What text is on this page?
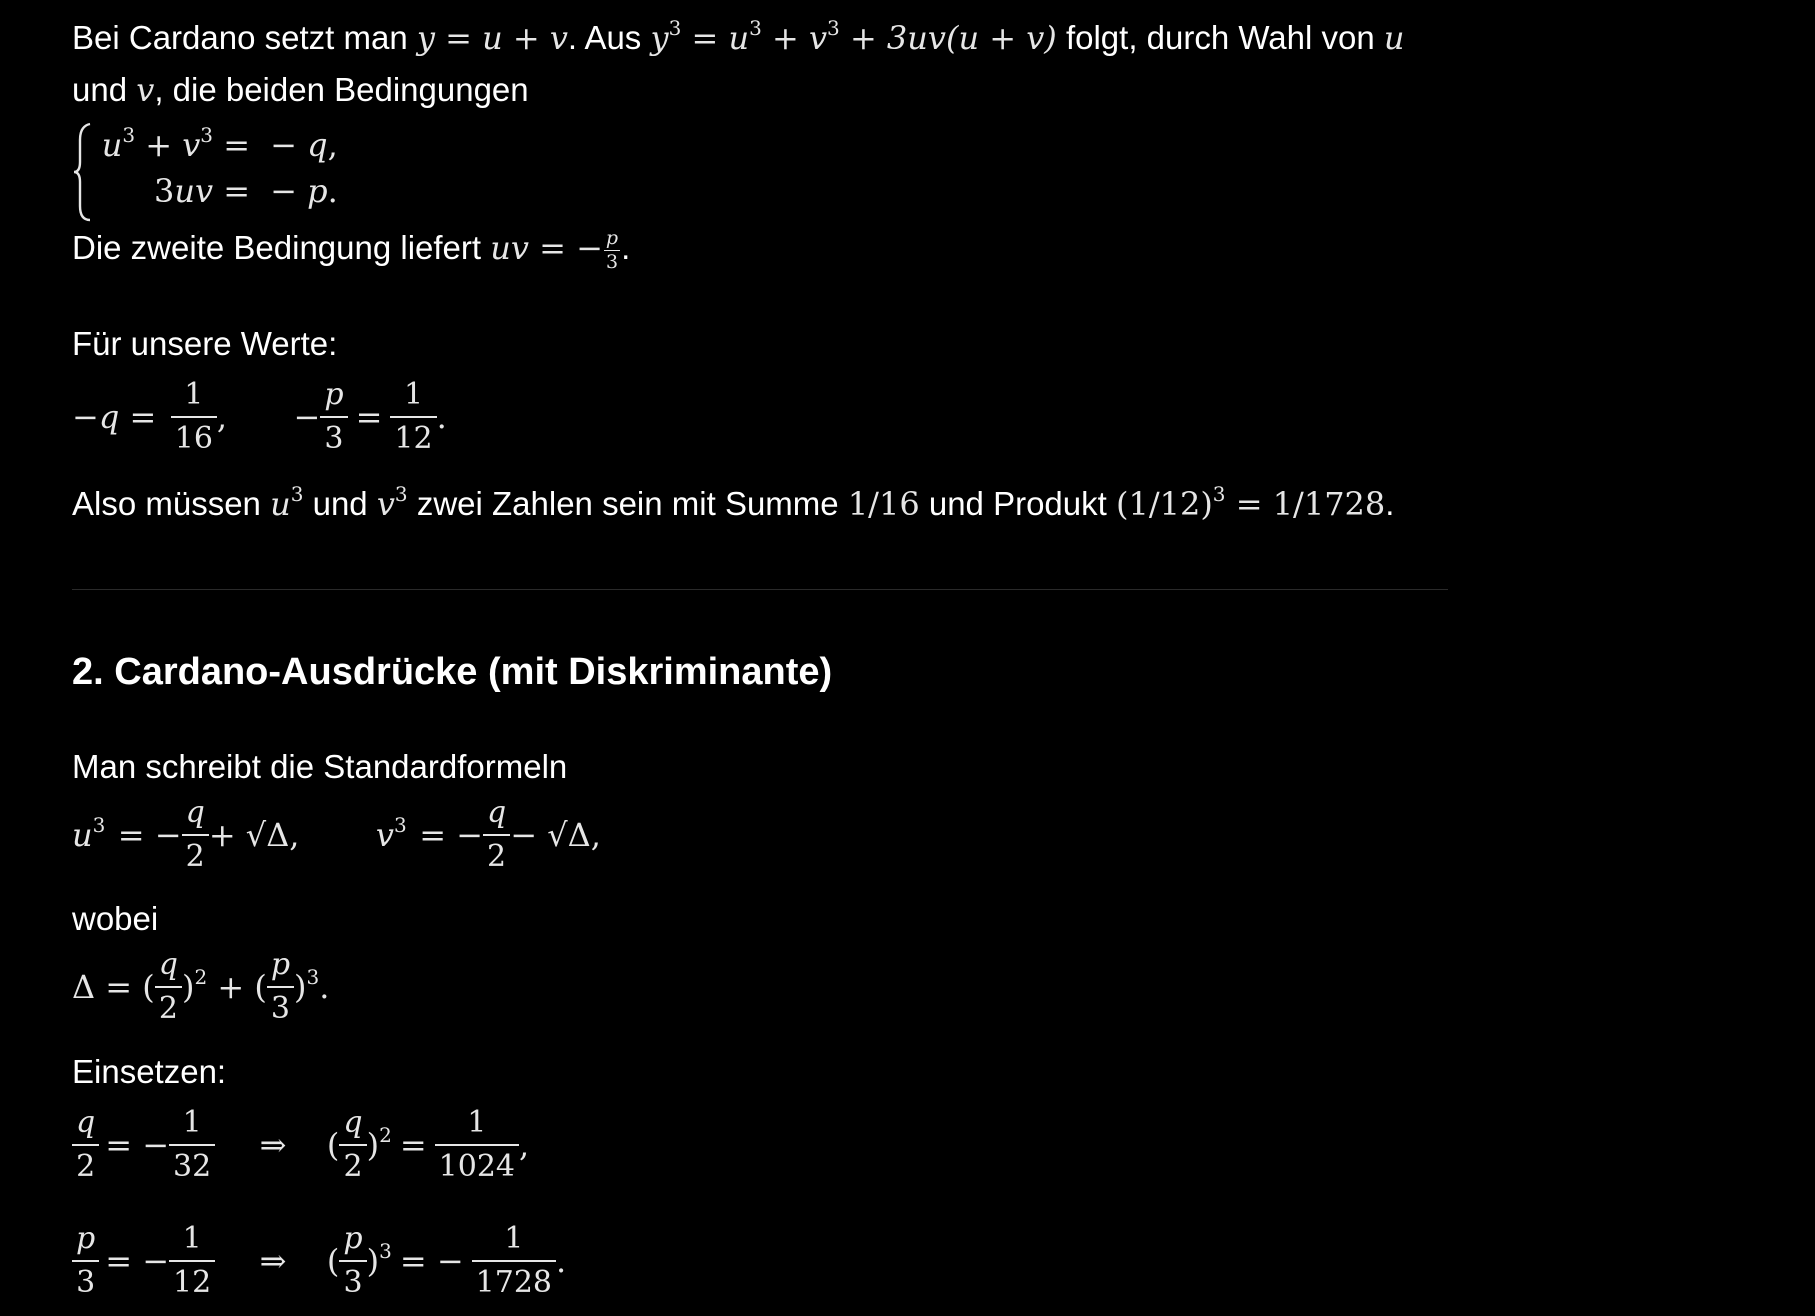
Bei Cardano setzt man y = u + v. Aus $y^3 = u^3 + v^3 + 3uv(u + v)$ folgt, durch Wahl von u
und v, die beiden Bedingungen
$u^3 + v^3$ = − q,
3uv = − p.
Die zweite Bedingung liefert uv = − $\frac{p}{3}$ .
Für unsere Werte:
$-q = \frac{1}{16}$ , − $\frac{p}{3} = \frac{1}{12}$ .
Also müssen $u^3$ und $v^3$ zwei Zahlen sein mit Summe 1/16 und Produkt $(1/12)^3 = 1/1728$.
2. Cardano-Ausdrücke (mit Diskriminante)
Man schreibt die Standardformeln
$u^3$ = − $\frac{q}{2} + √\Delta$, $v^3$ = − $\frac{q}{2} - √\Delta$,
wobei
Δ = ( $\frac{q}{2} )^2$ + ( $\frac{p}{3} )^3$.
Einsetzen:
$\frac{q}{2}$ = − $\frac{1}{32}$ ⇒ ( $\frac{q}{2} )^2 = \frac{1}{1024}$ ,
$\frac{p}{3}$ = − $\frac{1}{12}$ ⇒ ( $\frac{p}{3} )^3$ = − $\frac{1}{1728}$ .
